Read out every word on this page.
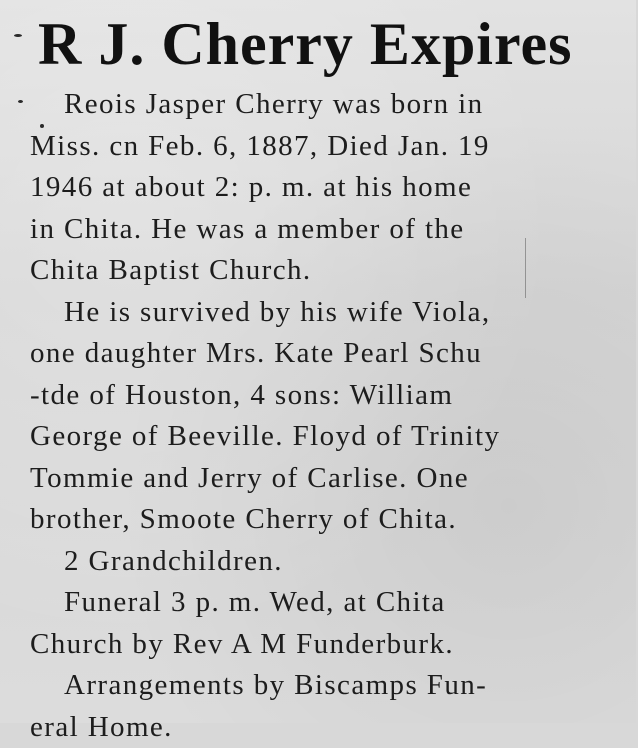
R J. Cherry Expires
Reois Jasper Cherry was born in
Miss. cn Feb. 6, 1887, Died Jan. 19
1946 at about 2: p. m. at his home
in Chita. He was a member of the
Chita Baptist Church.
He is survived by his wife Viola,
one daughter Mrs. Kate Pearl Schu
-tde of Houston, 4 sons: William
George of Beeville. Floyd of Trinity
Tommie and Jerry of Carlise. One
brother, Smoote Cherry of Chita.
2 Grandchildren.
Funeral 3 p. m. Wed, at Chita
Church by Rev A M Funderburk.
Arrangements by Biscamps Fun-
eral Home.
